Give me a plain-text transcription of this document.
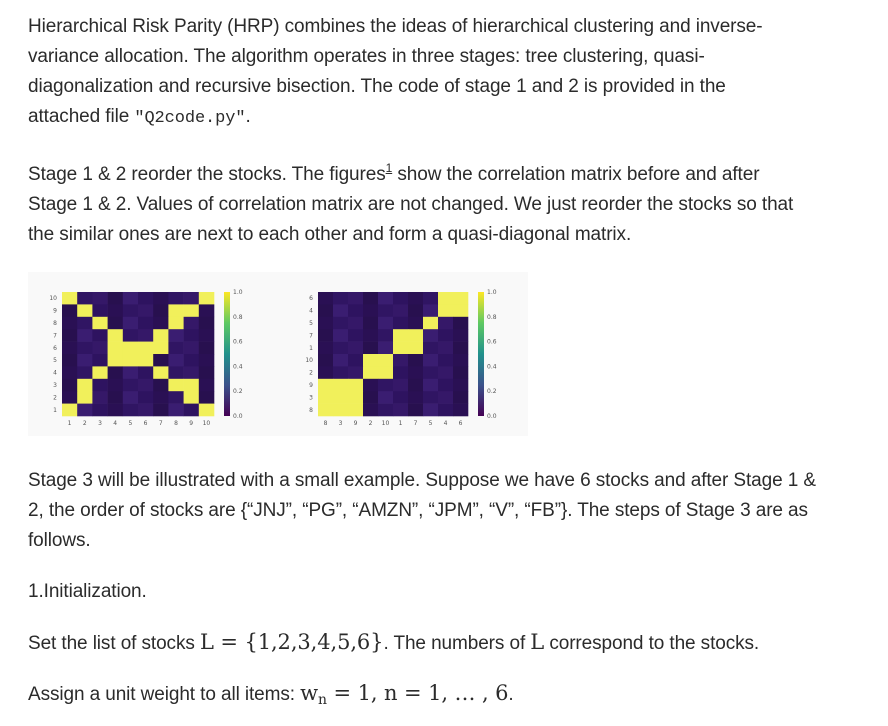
Hierarchical Risk Parity (HRP) combines the ideas of hierarchical clustering and inverse-variance allocation. The algorithm operates in three stages: tree clustering, quasi-diagonalization and recursive bisection. The code of stage 1 and 2 is provided in the attached file "Q2code.py".

Stage 1 & 2 reorder the stocks. The figures$^1$ show the correlation matrix before and after Stage 1 & 2. Values of correlation matrix are not changed. We just reorder the stocks so that the similar ones are next to each other and form a quasi-diagonal matrix.

Stage 3 will be illustrated with a small example. Suppose we have 6 stocks and after Stage 1 & 2, the order of stocks are {“JNJ”, “PG”, “AMZN”, “JPM”, “V”, “FB”}. The steps of Stage 3 are as follows.

1.Initialization.

Set the list of stocks L = {1,2,3,4,5,6}. The numbers of L correspond to the stocks.

Assign a unit weight to all items: $w_n = 1$, n = 1, … , 6.

10
9
8
7
6
5
4
3
2
1
1 2 3 4 5 6 7 8 9 10
1.0
0.8
0.6
0.4
0.2
0.0
6
4
5
7
1
10
2
9
3
8
8 3 9 2 10 1 7 5 4 6
1.0
0.8
0.6
0.4
0.2
0.0
